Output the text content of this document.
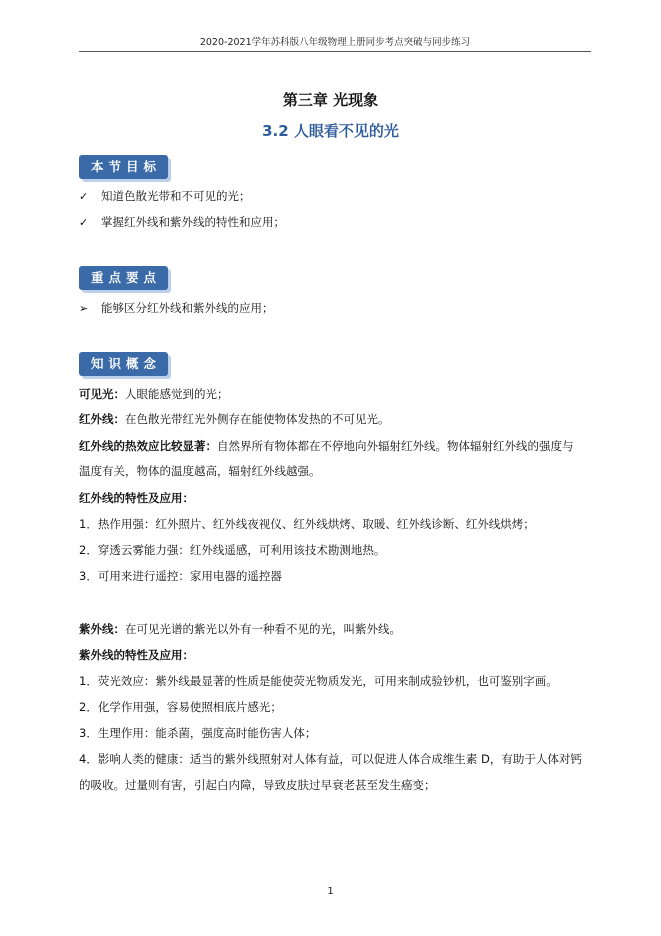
2020-2021学年苏科版八年级物理上册同步考点突破与同步练习
第三章 光现象
3.2 人眼看不见的光
本节目标
✓ 知道色散光带和不可见的光；
✓ 掌握红外线和紫外线的特性和应用；
重点要点
➢ 能够区分红外线和紫外线的应用；
知识概念
可见光：人眼能感觉到的光；
红外线：在色散光带红光外侧存在能使物体发热的不可见光。
红外线的热效应比较显著：自然界所有物体都在不停地向外辐射红外线。物体辐射红外线的强度与
温度有关，物体的温度越高，辐射红外线越强。
红外线的特性及应用：
1．热作用强：红外照片、红外线夜视仪、红外线烘烤、取暖、红外线诊断、红外线烘烤；
2．穿透云雾能力强：红外线遥感，可利用该技术勘测地热。
3．可用来进行遥控：家用电器的遥控器
紫外线：在可见光谱的紫光以外有一种看不见的光，叫紫外线。
紫外线的特性及应用：
1．荧光效应：紫外线最显著的性质是能使荧光物质发光，可用来制成验钞机，也可鉴别字画。
2．化学作用强，容易使照相底片感光；
3．生理作用：能杀菌，强度高时能伤害人体；
4．影响人类的健康：适当的紫外线照射对人体有益，可以促进人体合成维生素 D，有助于人体对钙
的吸收。过量则有害，引起白内障，导致皮肤过早衰老甚至发生癌变；
1
